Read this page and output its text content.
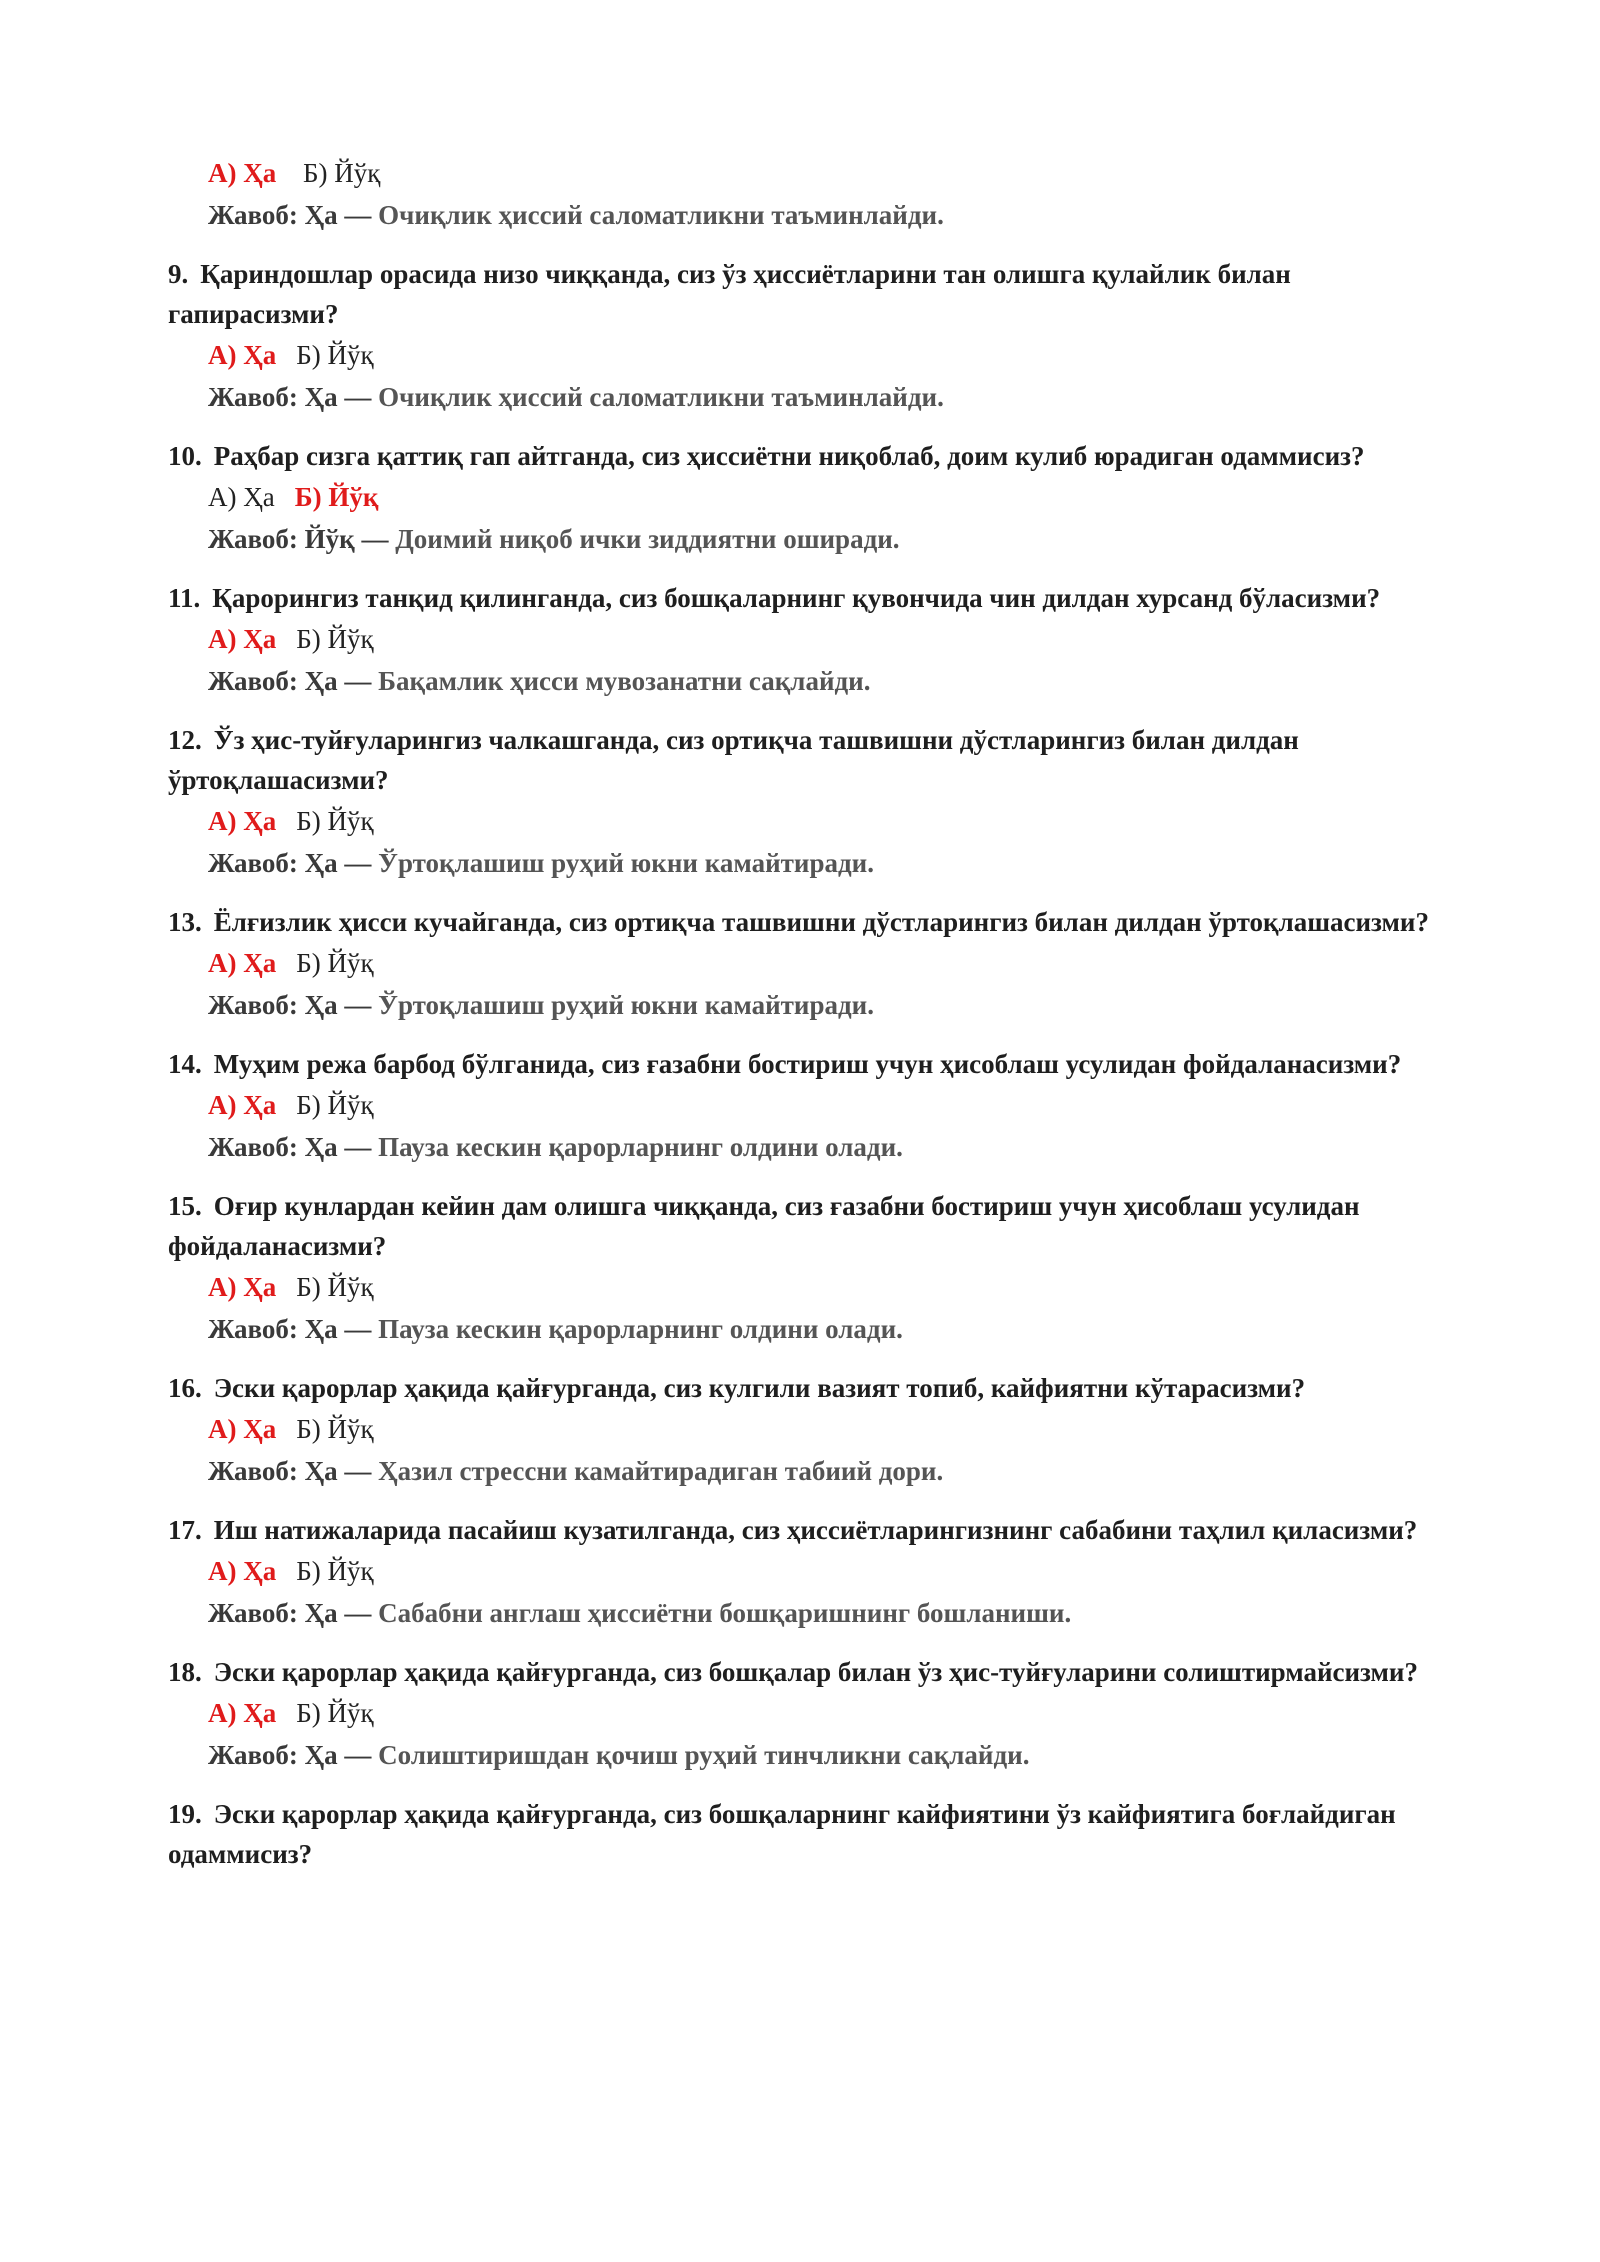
А) Ҳа Б) Йўқ

Жавоб: Ҳа — Очиқлик ҳиссий саломатликни таъминлайди.

9. Қариндошлар орасида низо чиққанда, сиз ўз ҳиссиётларини тан олишга қулайлик билан гапирасизми?

А) Ҳа Б) Йўқ

Жавоб: Ҳа — Очиқлик ҳиссий саломатликни таъминлайди.

10. Раҳбар сизга қаттиқ гап айтганда, сиз ҳиссиётни ниқоблаб, доим кулиб юрадиган одаммисиз?

А) Ҳа Б) Йўқ

Жавоб: Йўқ — Доимий ниқоб ички зиддиятни оширади.

11. Қарорингиз танқид қилинганда, сиз бошқаларнинг қувончида чин дилдан хурсанд бўласизми?

А) Ҳа Б) Йўқ

Жавоб: Ҳа — Бақамлик ҳисси мувозанатни сақлайди.

12. Ўз ҳис-туйғуларингиз чалкашганда, сиз ортиқча ташвишни дўстларингиз билан дилдан ўртоқлашасизми?

А) Ҳа Б) Йўқ

Жавоб: Ҳа — Ўртоқлашиш руҳий юкни камайтиради.

13. Ёлғизлик ҳисси кучайганда, сиз ортиқча ташвишни дўстларингиз билан дилдан ўртоқлашасизми?

А) Ҳа Б) Йўқ

Жавоб: Ҳа — Ўртоқлашиш руҳий юкни камайтиради.

14. Муҳим режа барбод бўлганида, сиз ғазабни бостириш учун ҳисоблаш усулидан фойдаланасизми?

А) Ҳа Б) Йўқ

Жавоб: Ҳа — Пауза кескин қарорларнинг олдини олади.

15. Оғир кунлардан кейин дам олишга чиққанда, сиз ғазабни бостириш учун ҳисоблаш усулидан фойдаланасизми?

А) Ҳа Б) Йўқ

Жавоб: Ҳа — Пауза кескин қарорларнинг олдини олади.

16. Эски қарорлар ҳақида қайғурганда, сиз кулгили вазият топиб, кайфиятни кўтарасизми?

А) Ҳа Б) Йўқ

Жавоб: Ҳа — Ҳазил стрессни камайтирадиган табиий дори.

17. Иш натижаларида пасайиш кузатилганда, сиз ҳиссиётларингизнинг сабабини таҳлил қиласизми?

А) Ҳа Б) Йўқ

Жавоб: Ҳа — Сабабни англаш ҳиссиётни бошқаришнинг бошланиши.

18. Эски қарорлар ҳақида қайғурганда, сиз бошқалар билан ўз ҳис-туйғуларини солиштирмайсизми?

А) Ҳа Б) Йўқ

Жавоб: Ҳа — Солиштиришдан қочиш руҳий тинчликни сақлайди.

19. Эски қарорлар ҳақида қайғурганда, сиз бошқаларнинг кайфиятини ўз кайфиятига боғлайдиган одаммисиз?
